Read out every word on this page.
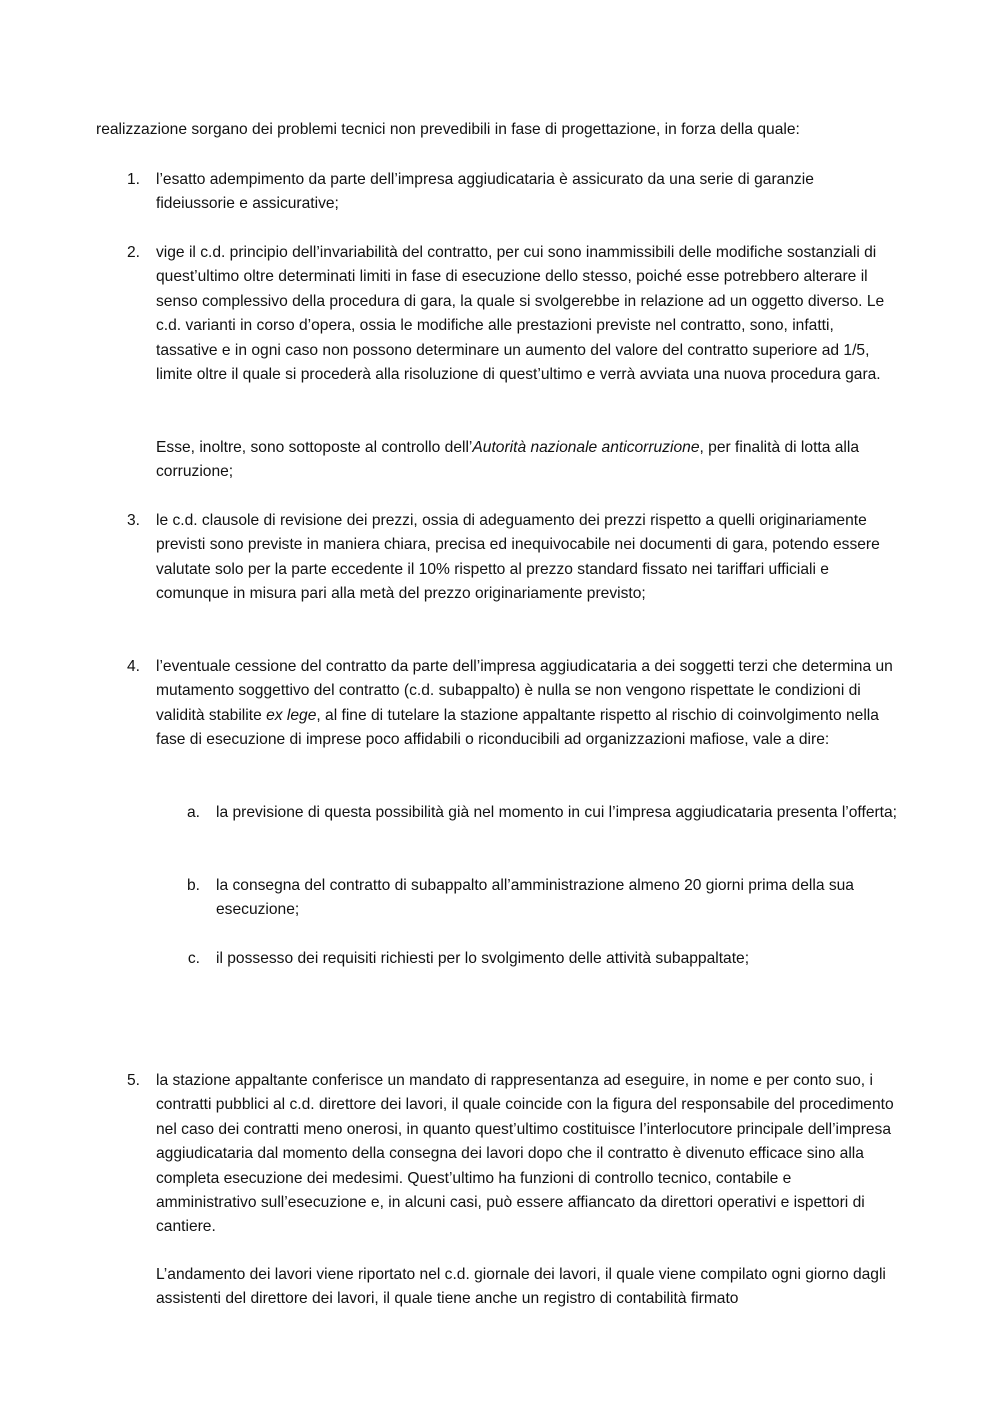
realizzazione sorgano dei problemi tecnici non prevedibili in fase di progettazione, in forza della quale:

1. l’esatto adempimento da parte dell’impresa aggiudicataria è assicurato da una serie di garanzie fideiussorie e assicurative;

2. vige il c.d. principio dell’invariabilità del contratto, per cui sono inammissibili delle modifiche sostanziali di quest’ultimo oltre determinati limiti in fase di esecuzione dello stesso, poiché esse potrebbero alterare il senso complessivo della procedura di gara, la quale si svolgerebbe in relazione ad un oggetto diverso. Le c.d. varianti in corso d’opera, ossia le modifiche alle prestazioni previste nel contratto, sono, infatti, tassative e in ogni caso non possono determinare un aumento del valore del contratto superiore ad 1/5, limite oltre il quale si procederà alla risoluzione di quest’ultimo e verrà avviata una nuova procedura gara.

Esse, inoltre, sono sottoposte al controllo dell’Autorità nazionale anticorruzione, per finalità di lotta alla corruzione;

3. le c.d. clausole di revisione dei prezzi, ossia di adeguamento dei prezzi rispetto a quelli originariamente previsti sono previste in maniera chiara, precisa ed inequivocabile nei documenti di gara, potendo essere valutate solo per la parte eccedente il 10% rispetto al prezzo standard fissato nei tariffari ufficiali e comunque in misura pari alla metà del prezzo originariamente previsto;

4. l’eventuale cessione del contratto da parte dell’impresa aggiudicataria a dei soggetti terzi che determina un mutamento soggettivo del contratto (c.d. subappalto) è nulla se non vengono rispettate le condizioni di validità stabilite ex lege, al fine di tutelare la stazione appaltante rispetto al rischio di coinvolgimento nella fase di esecuzione di imprese poco affidabili o riconducibili ad organizzazioni mafiose, vale a dire:

a. la previsione di questa possibilità già nel momento in cui l’impresa aggiudicataria presenta l’offerta;

b. la consegna del contratto di subappalto all’amministrazione almeno 20 giorni prima della sua esecuzione;

c. il possesso dei requisiti richiesti per lo svolgimento delle attività subappaltate;

5. la stazione appaltante conferisce un mandato di rappresentanza ad eseguire, in nome e per conto suo, i contratti pubblici al c.d. direttore dei lavori, il quale coincide con la figura del responsabile del procedimento nel caso dei contratti meno onerosi, in quanto quest’ultimo costituisce l’interlocutore principale dell’impresa aggiudicataria dal momento della consegna dei lavori dopo che il contratto è divenuto efficace sino alla completa esecuzione dei medesimi. Quest’ultimo ha funzioni di controllo tecnico, contabile e amministrativo sull’esecuzione e, in alcuni casi, può essere affiancato da direttori operativi e ispettori di cantiere.

L’andamento dei lavori viene riportato nel c.d. giornale dei lavori, il quale viene compilato ogni giorno dagli assistenti del direttore dei lavori, il quale tiene anche un registro di contabilità firmato
